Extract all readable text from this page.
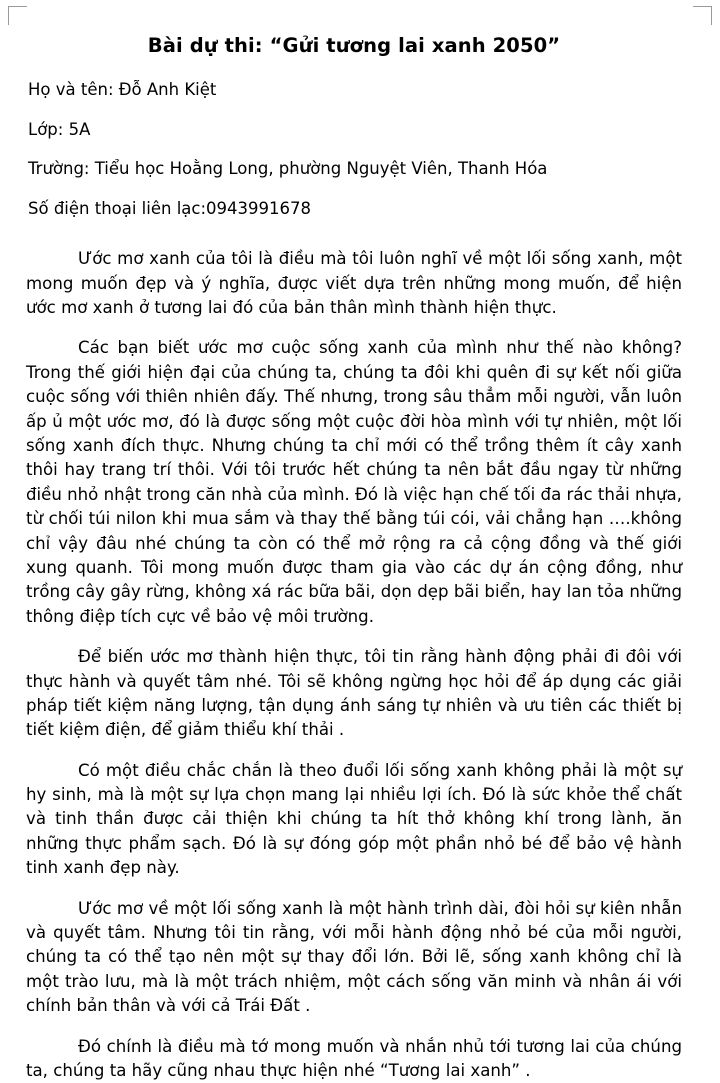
Bài dự thi: “Gửi tương lai xanh 2050”
Họ và tên: Đỗ Anh Kiệt
Lớp: 5A
Trường: Tiểu học Hoằng Long, phường Nguyệt Viên, Thanh Hóa
Số điện thoại liên lạc:0943991678

Ước mơ xanh của tôi là điều mà tôi luôn nghĩ về một lối sống xanh, một mong muốn đẹp và ý nghĩa, được viết dựa trên những mong muốn, để hiện ước mơ xanh ở tương lai đó của bản thân mình thành hiện thực.

Các bạn biết ước mơ cuộc sống xanh của mình như thế nào không? Trong thế giới hiện đại của chúng ta, chúng ta đôi khi quên đi sự kết nối giữa cuộc sống với thiên nhiên đấy. Thế nhưng, trong sâu thẳm mỗi người, vẫn luôn ấp ủ một ước mơ, đó là được sống một cuộc đời hòa mình với tự nhiên, một lối sống xanh đích thực. Nhưng chúng ta chỉ mới có thể trồng thêm ít cây xanh thôi hay trang trí thôi. Với tôi trước hết chúng ta nên bắt đầu ngay từ những điều nhỏ nhật trong căn nhà của mình. Đó là việc hạn chế tối đa rác thải nhựa, từ chối túi nilon khi mua sắm và thay thế bằng túi cói, vải chẳng hạn ….không chỉ vậy đâu nhé chúng ta còn có thể mở rộng ra cả cộng đồng và thế giới xung quanh. Tôi mong muốn được tham gia vào các dự án cộng đồng, như trồng cây gây rừng, không xá rác bữa bãi, dọn dẹp bãi biển, hay lan tỏa những thông điệp tích cực về bảo vệ môi trường.

Để biến ước mơ thành hiện thực, tôi tin rằng hành động phải đi đôi với thực hành và quyết tâm nhé. Tôi sẽ không ngừng học hỏi để áp dụng các giải pháp tiết kiệm năng lượng, tận dụng ánh sáng tự nhiên và ưu tiên các thiết bị tiết kiệm điện, để giảm thiểu khí thải .

Có một điều chắc chắn là theo đuổi lối sống xanh không phải là một sự hy sinh, mà là một sự lựa chọn mang lại nhiều lợi ích. Đó là sức khỏe thể chất và tinh thần được cải thiện khi chúng ta hít thở không khí trong lành, ăn những thực phẩm sạch. Đó là sự đóng góp một phần nhỏ bé để bảo vệ hành tinh xanh đẹp này.

Ước mơ về một lối sống xanh là một hành trình dài, đòi hỏi sự kiên nhẫn và quyết tâm. Nhưng tôi tin rằng, với mỗi hành động nhỏ bé của mỗi người, chúng ta có thể tạo nên một sự thay đổi lớn. Bởi lẽ, sống xanh không chỉ là một trào lưu, mà là một trách nhiệm, một cách sống văn minh và nhân ái với chính bản thân và với cả Trái Đất .

Đó chính là điều mà tớ mong muốn và nhắn nhủ tới tương lai của chúng ta, chúng ta hãy cũng nhau thực hiện nhé “Tương lai xanh” .
